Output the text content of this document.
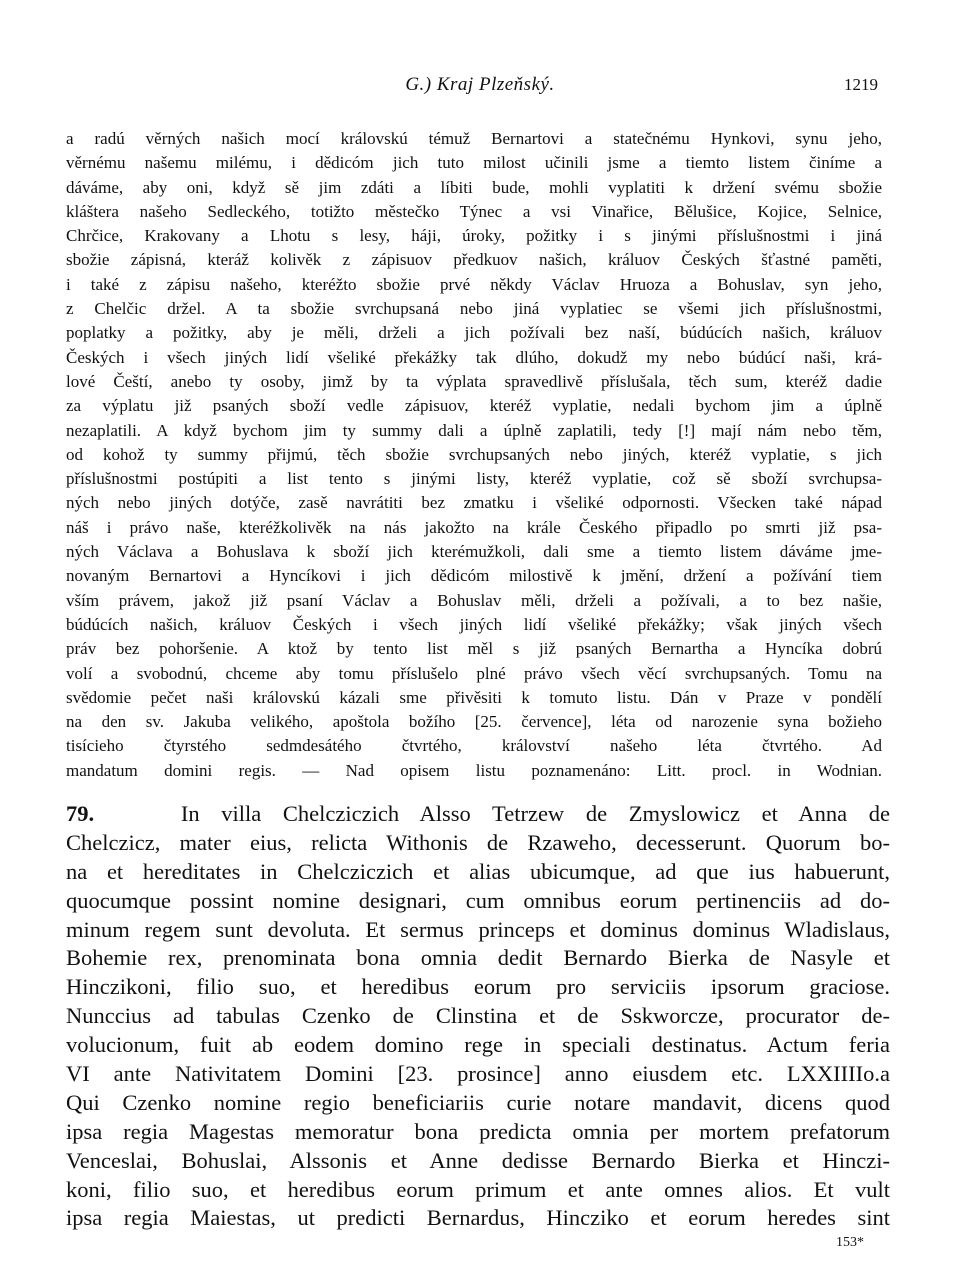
G.) Kraj Plzeňský.	1219
a radú věrných našich mocí královskú témuž Bernartovi a statečnému Hynkovi, synu jeho,
věrnému našemu milému, i dědicóm jich tuto milost učinili jsme a tiemto listem činíme a
dáváme, aby oni, když sě jim zdáti a líbiti bude, mohli vyplatiti k držení svému sbožie
kláštera našeho Sedleckého, totižto městečko Týnec a vsi Vinařice, Bělušice, Kojice, Selnice,
Chrčice, Krakovany a Lhotu s lesy, háji, úroky, požitky i s jinými příslušnostmi i jiná
sbožie zápisná, kteráž kolivěk z zápisuov předkuov našich, králuov Českých šťastné paměti,
i také z zápisu našeho, kteréžto sbožie prvé někdy Václav Hruoza a Bohuslav, syn jeho,
z Chelčic držel. A ta sbožie svrchupsaná nebo jiná vyplatiec se všemi jich příslušnostmi,
poplatky a požitky, aby je měli, drželi a jich požívali bez naší, búdúcích našich, králuov
Českých i všech jiných lidí všeliké překážky tak dlúho, dokudž my nebo búdúcí naši, krá-
lové Čeští, anebo ty osoby, jimž by ta výplata spravedlivě příslušala, těch sum, kteréž dadie
za výplatu již psaných sboží vedle zápisuov, kteréž vyplatie, nedali bychom jim a úplně
nezaplatili. A když bychom jim ty summy dali a úplně zaplatili, tedy [!] mají nám nebo těm,
od kohož ty summy přijmú, těch sbožie svrchupsaných nebo jiných, kteréž vyplatie, s jich
příslušnostmi postúpiti a list tento s jinými listy, kteréž vyplatie, což sě sboží svrchupsa-
ných nebo jiných dotýče, zasě navrátiti bez zmatku i všeliké odpornosti. Všecken také nápad
náš i právo naše, kteréžkolivěk na nás jakožto na krále Českého připadlo po smrti již psa-
ných Václava a Bohuslava k sboží jich kterémužkoli, dali sme a tiemto listem dáváme jme-
novaným Bernartovi a Hyncíkovi i jich dědicóm milostivě k jmění, držení a požívání tiem
vším právem, jakož již psaní Václav a Bohuslav měli, drželi a požívali, a to bez našie,
búdúcích našich, králuov Českých i všech jiných lidí všeliké překážky; však jiných všech
práv bez pohoršenie. A ktož by tento list měl s již psaných Bernartha a Hyncíka dobrú
volí a svobodnú, chceme aby tomu příslušelo plné právo všech věcí svrchupsaných. Tomu na
svědomie pečet naši královskú kázali sme přivěsiti k tomuto listu. Dán v Praze v pondělí
na den sv. Jakuba velikého, apoštola božího [25. července], léta od narozenie syna božieho
tisícieho čtyrstého sedmdesátého čtvrtého, království našeho léta čtvrtého. Ad
mandatum domini regis. — Nad opisem listu poznamenáno: Litt. procl. in Wodnian.
79.	In villa Chelcziczich Alsso Tetrzew de Zmyslowicz et Anna de
Chelczicz, mater eius, relicta Withonis de Rzaweho, decesserunt. Quorum bo-
na et hereditates in Chelcziczich et alias ubicumque, ad que ius habuerunt,
quocumque possint nomine designari, cum omnibus eorum pertinenciis ad do-
minum regem sunt devoluta. Et sermus princeps et dominus dominus Wladislaus,
Bohemie rex, prenominata bona omnia dedit Bernardo Bierka de Nasyle et
Hinczikoni, filio suo, et heredibus eorum pro serviciis ipsorum graciose.
Nunccius ad tabulas Czenko de Clinstina et de Sskworcze, procurator de-
volucionum, fuit ab eodem domino rege in speciali destinatus. Actum feria
VI ante Nativitatem Domini [23. prosince] anno eiusdem etc. LXXIIIIo.a
Qui Czenko nomine regio beneficiariis curie notare mandavit, dicens quod
ipsa regia Magestas memoratur bona predicta omnia per mortem prefatorum
Venceslai, Bohuslai, Alssonis et Anne dedisse Bernardo Bierka et Hinczi-
koni, filio suo, et heredibus eorum primum et ante omnes alios. Et vult
ipsa regia Maiestas, ut predicti Bernardus, Hincziko et eorum heredes sint
153*
